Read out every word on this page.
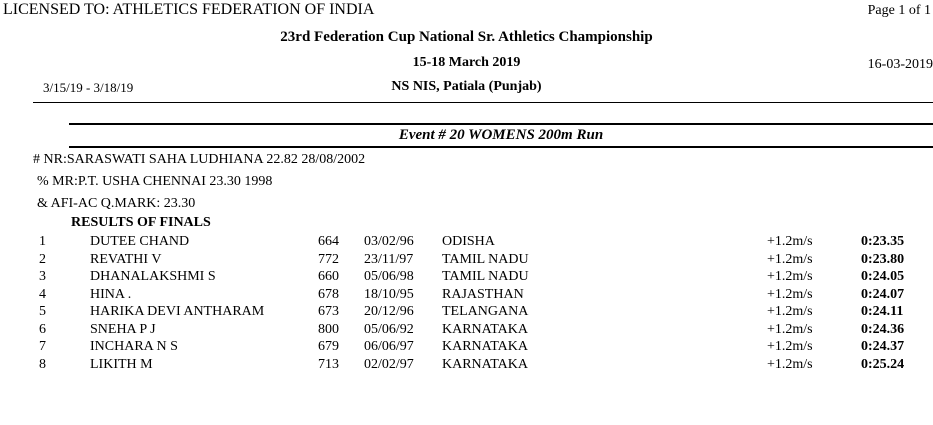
LICENSED TO: ATHLETICS FEDERATION OF INDIA	Page 1 of 1
23rd Federation Cup National Sr. Athletics Championship
15-18 March 2019
NS NIS, Patiala (Punjab)
16-03-2019
3/15/19 - 3/18/19
Event # 20 WOMENS 200m Run
# NR:SARASWATI SAHA LUDHIANA 22.82 28/08/2002
% MR:P.T. USHA CHENNAI 23.30 1998
& AFI-AC Q.MARK: 23.30
RESULTS OF FINALS
1	DUTEE CHAND	664 03/02/96 ODISHA	+1.2m/s	0:23.35
2	REVATHI V	772 23/11/97 TAMIL NADU	+1.2m/s	0:23.80
3	DHANALAKSHMI S	660 05/06/98 TAMIL NADU	+1.2m/s	0:24.05
4	HINA .	678 18/10/95 RAJASTHAN	+1.2m/s	0:24.07
5	HARIKA DEVI ANTHARAM	673 20/12/96 TELANGANA	+1.2m/s	0:24.11
6	SNEHA P J	800 05/06/92 KARNATAKA	+1.2m/s	0:24.36
7	INCHARA N S	679 06/06/97 KARNATAKA	+1.2m/s	0:24.37
8	LIKITH M	713 02/02/97 KARNATAKA	+1.2m/s	0:25.24
